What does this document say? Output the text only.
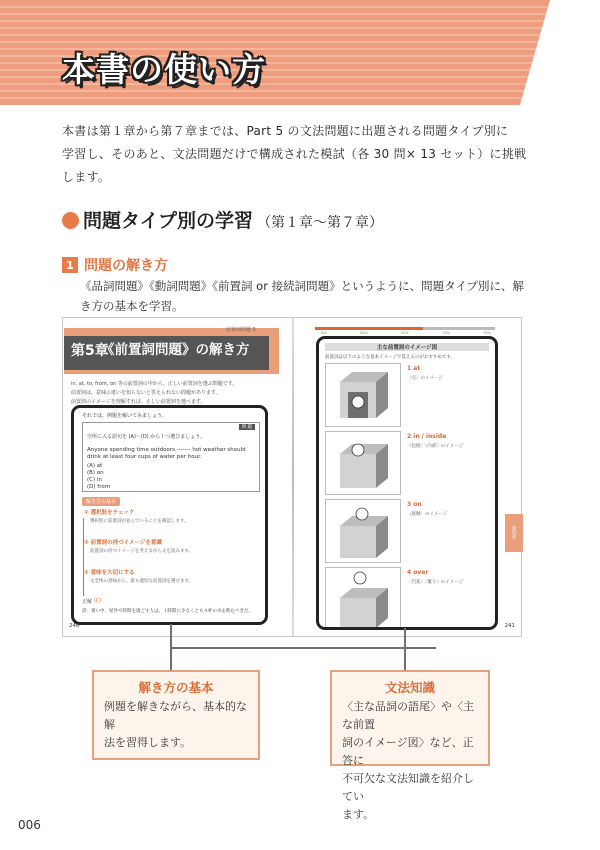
本書の使い方
本書は第１章から第７章までは、Part 5 の文法問題に出題される問題タイプ別に
学習し、そのあと、文法問題だけで構成された模試（各 30 問× 13 セット）に挑戦
します。
問題タイプ別の学習 （第１章〜第７章）
1 問題の解き方
《品詞問題》《動詞問題》《前置詞 or 接続詞問題》というように、問題タイプ別に、解き方の基本を学習。
第5章
《前置詞問題》の解き方
前置詞問題 5
in, at, to, from, on 等の前置詞の中から、正しい前置詞を選ぶ問題です。
前置詞は、意味の違いを知らないと答えられない問題があります。
前置詞のイメージを理解すれば、正しい前置詞を選べます。
それでは、例題を解いてみましょう。
例 題
空所に入る語句を (A)～(D) から１つ選びましょう。
Anyone spending time outdoors ------- hot weather should drink at least four cups of water per hour.
(A) at
(B) on
(C) in
(D) from
解き方の基本
① 選択肢をチェック
選択肢に前置詞が並んでいることを確認します。
② 前置詞の持つイメージを意識
前置詞の持つイメージを考えながら文を読みます。
③ 意味を大切にする
文全体の意味から、最も適切な前置詞を選びます。
正解 (C)
訳：暑い中、屋外で時間を過ごす人は、１時間に少なくとも４杯の水を飲むべきだ。
240
5%	25%	50%	75%	95%
主な前置詞のイメージ図
前置詞は以下のような基本イメージで覚えるのがおすすめです。
1 at
〈点〉のイメージ
2 in / inside
〈包囲〉〈内部〉のイメージ
3 on
〈接触〉のイメージ
4 over
〈円弧〉〈覆う〉のイメージ
第5章
241
解き方の基本
例題を解きながら、基本的な解
法を習得します。
文法知識
〈主な品詞の語尾〉や〈主な前置
詞のイメージ図〉など、正答に
不可欠な文法知識を紹介してい
ます。
006
